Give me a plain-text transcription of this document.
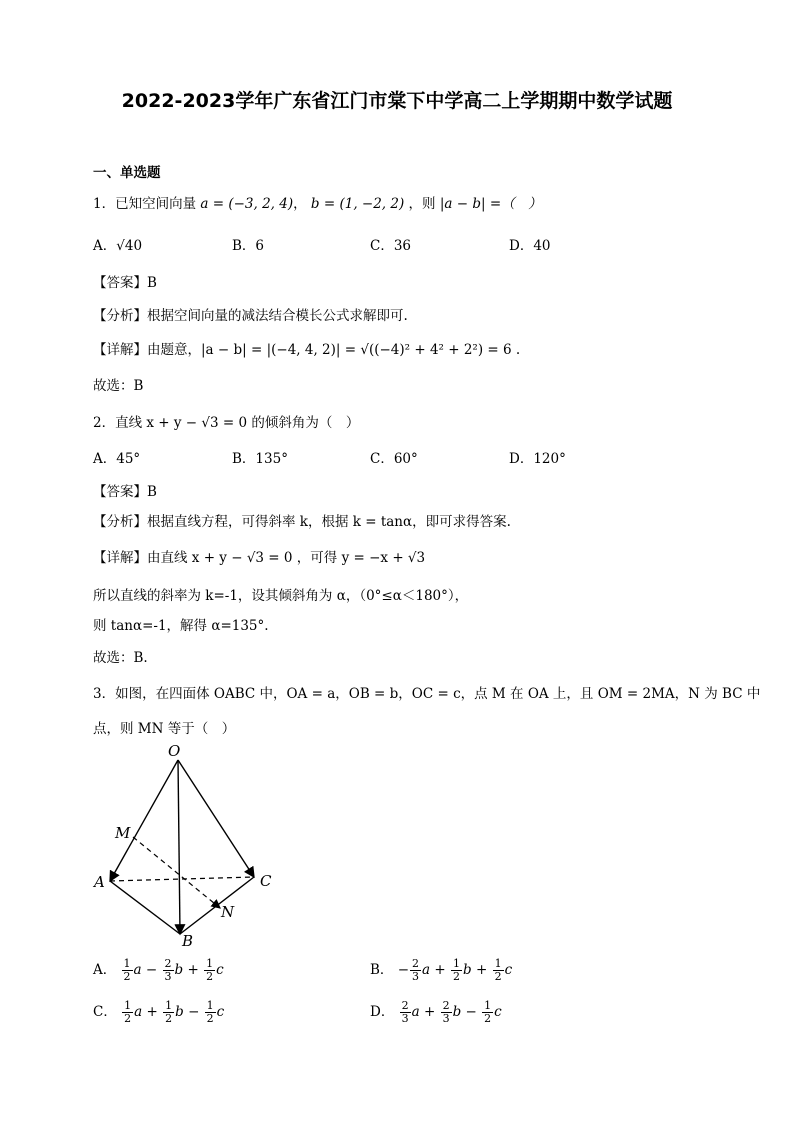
2022-2023学年广东省江门市棠下中学高二上学期期中数学试题
一、单选题
1．已知空间向量 a = (−3, 2, 4)， b = (1, −2, 2) ，则 |a − b| =（　）
A．√40	B．6	C．36	D．40
【答案】B
【分析】根据空间向量的减法结合模长公式求解即可.
【详解】由题意，|a − b| = |(−4, 4, 2)| = √((−4)² + 4² + 2²) = 6 .
故选：B
2．直线 x + y − √3 = 0 的倾斜角为（　）
A．45°	B．135°	C．60°	D．120°
【答案】B
【分析】根据直线方程，可得斜率 k，根据 k = tanα，即可求得答案.
【详解】由直线 x + y − √3 = 0 ，可得 y = −x + √3
所以直线的斜率为 k=-1，设其倾斜角为 α，（0°≤α＜180°），
则 tanα=-1，解得 α=135°.
故选：B.
3．如图，在四面体 OABC 中，OA = a，OB = b，OC = c，点 M 在 OA 上，且 OM = 2MA，N 为 BC 中
点，则 MN 等于（　）
O
M
A	C
N
B
A． $\frac{1}{2}$ $a - \frac{2}{3}$ $b + \frac{1}{2}$ c	B． − $\frac{2}{3}$ $a + \frac{1}{2}$ $b + \frac{1}{2}$ c
C． $\frac{1}{2}$ $a + \frac{1}{2}$ $b - \frac{1}{2}$ c	D． $\frac{2}{3}$ $a + \frac{2}{3}$ $b - \frac{1}{2}$ c
